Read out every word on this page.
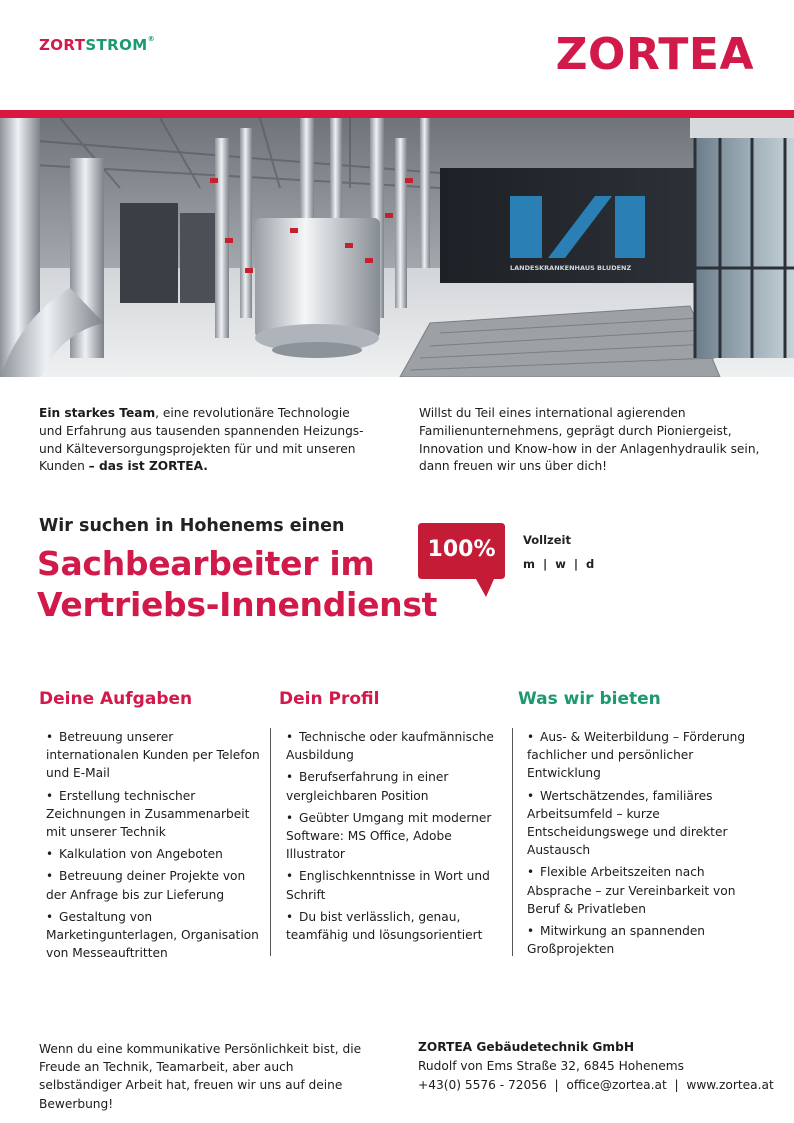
ZORTSTROM®	ZORTEA
LANDESKRANKENHAUS BLUDENZ
Ein starkes Team, eine revolutionäre Technologie und Erfahrung aus tausenden spannenden Heizungs- und Kälteversorgungsprojekten für und mit unseren Kunden – das ist ZORTEA.
Willst du Teil eines international agierenden Familienunternehmens, geprägt durch Pioniergeist, Innovation und Know-how in der Anlagenhydraulik sein, dann freuen wir uns über dich!
Wir suchen in Hohenems einen
Sachbearbeiter im
Vertriebs-Innendienst
100%	Vollzeit
m  |  w  |  d
Deine Aufgaben	Dein Profil	Was wir bieten
• Betreuung unserer internationalen Kunden per Telefon und E-Mail
• Erstellung technischer Zeichnungen in Zusammenarbeit mit unserer Technik
• Kalkulation von Angeboten
• Betreuung deiner Projekte von der Anfrage bis zur Lieferung
• Gestaltung von Marketingunterlagen, Organisation von Messeauftritten
• Technische oder kaufmännische Ausbildung
• Berufserfahrung in einer vergleichbaren Position
• Geübter Umgang mit moderner Software: MS Office, Adobe Illustrator
• Englischkenntnisse in Wort und Schrift
• Du bist verlässlich, genau, teamfähig und lösungsorientiert
• Aus- & Weiterbildung – Förderung fachlicher und persönlicher Entwicklung
• Wertschätzendes, familiäres Arbeitsumfeld – kurze Entscheidungswege und direkter Austausch
• Flexible Arbeitszeiten nach Absprache – zur Vereinbarkeit von Beruf & Privatleben
• Mitwirkung an spannenden Großprojekten
Wenn du eine kommunikative Persönlichkeit bist, die Freude an Technik, Teamarbeit, aber auch selbständiger Arbeit hat, freuen wir uns auf deine Bewerbung!
ZORTEA Gebäudetechnik GmbH
Rudolf von Ems Straße 32, 6845 Hohenems
+43(0) 5576 - 72056  |  office@zortea.at  |  www.zortea.at
